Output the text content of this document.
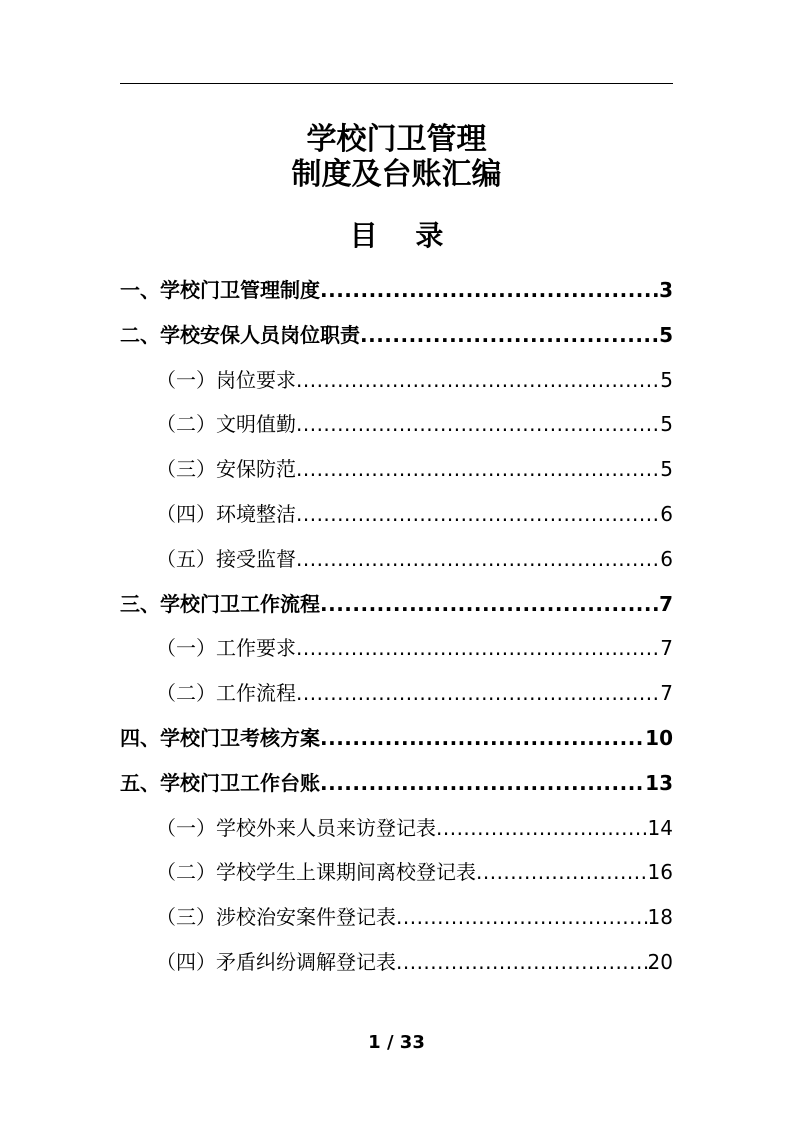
学校门卫管理
制度及台账汇编
目 录
一、学校门卫管理制度 .....	3
二、学校安保人员岗位职责 .....	5
（一）岗位要求 .....	5
（二）文明值勤 .....	5
（三）安保防范 .....	5
（四）环境整洁 .....	6
（五）接受监督 .....	6
三、学校门卫工作流程 .....	7
（一）工作要求 .....	7
（二）工作流程 .....	7
四、学校门卫考核方案 .....	10
五、学校门卫工作台账 .....	13
（一）学校外来人员来访登记表 .....	14
（二）学校学生上课期间离校登记表 .....	16
（三）涉校治安案件登记表 .....	18
（四）矛盾纠纷调解登记表 .....	20
1 / 33
